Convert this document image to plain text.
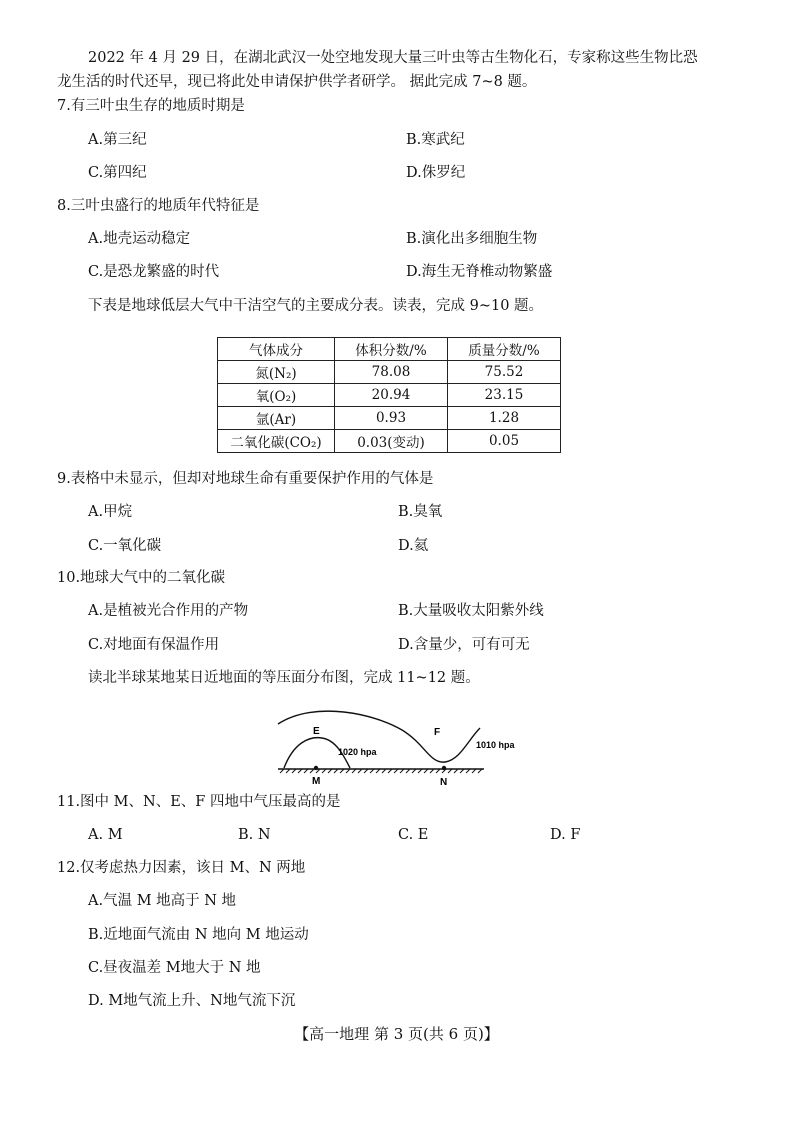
2022 年 4 月 29 日，在湖北武汉一处空地发现大量三叶虫等古生物化石，专家称这些生物比恐
龙生活的时代还早，现已将此处申请保护供学者研学。 据此完成 7~8 题。
7.有三叶虫生存的地质时期是
A.第三纪	B.寒武纪
C.第四纪	D.侏罗纪
8.三叶虫盛行的地质年代特征是
A.地壳运动稳定	B.演化出多细胞生物
C.是恐龙繁盛的时代	D.海生无脊椎动物繁盛
下表是地球低层大气中干洁空气的主要成分表。读表，完成 9~10 题。
气体成分	体积分数/%	质量分数/%
氮(N₂)	78.08	75.52
氧(O₂)	20.94	23.15
氩(Ar)	0.93	1.28
二氧化碳(CO₂)	0.03(变动)	0.05
9.表格中未显示，但却对地球生命有重要保护作用的气体是
A.甲烷	B.臭氧
C.一氧化碳	D.氦
10.地球大气中的二氧化碳
A.是植被光合作用的产物	B.大量吸收太阳紫外线
C.对地面有保温作用	D.含量少，可有可无
读北半球某地某日近地面的等压面分布图，完成 11~12 题。
E	F
M	N
1020 hpa
1010 hpa
11.图中 M、N、E、F 四地中气压最高的是
A. M	B. N	C. E	D. F
12.仅考虑热力因素，该日 M、N 两地
A.气温 M 地高于 N 地
B.近地面气流由 N 地向 M 地运动
C.昼夜温差 M地大于 N 地
D. M地气流上升、N地气流下沉
【高一地理 第 3 页(共 6 页)】
